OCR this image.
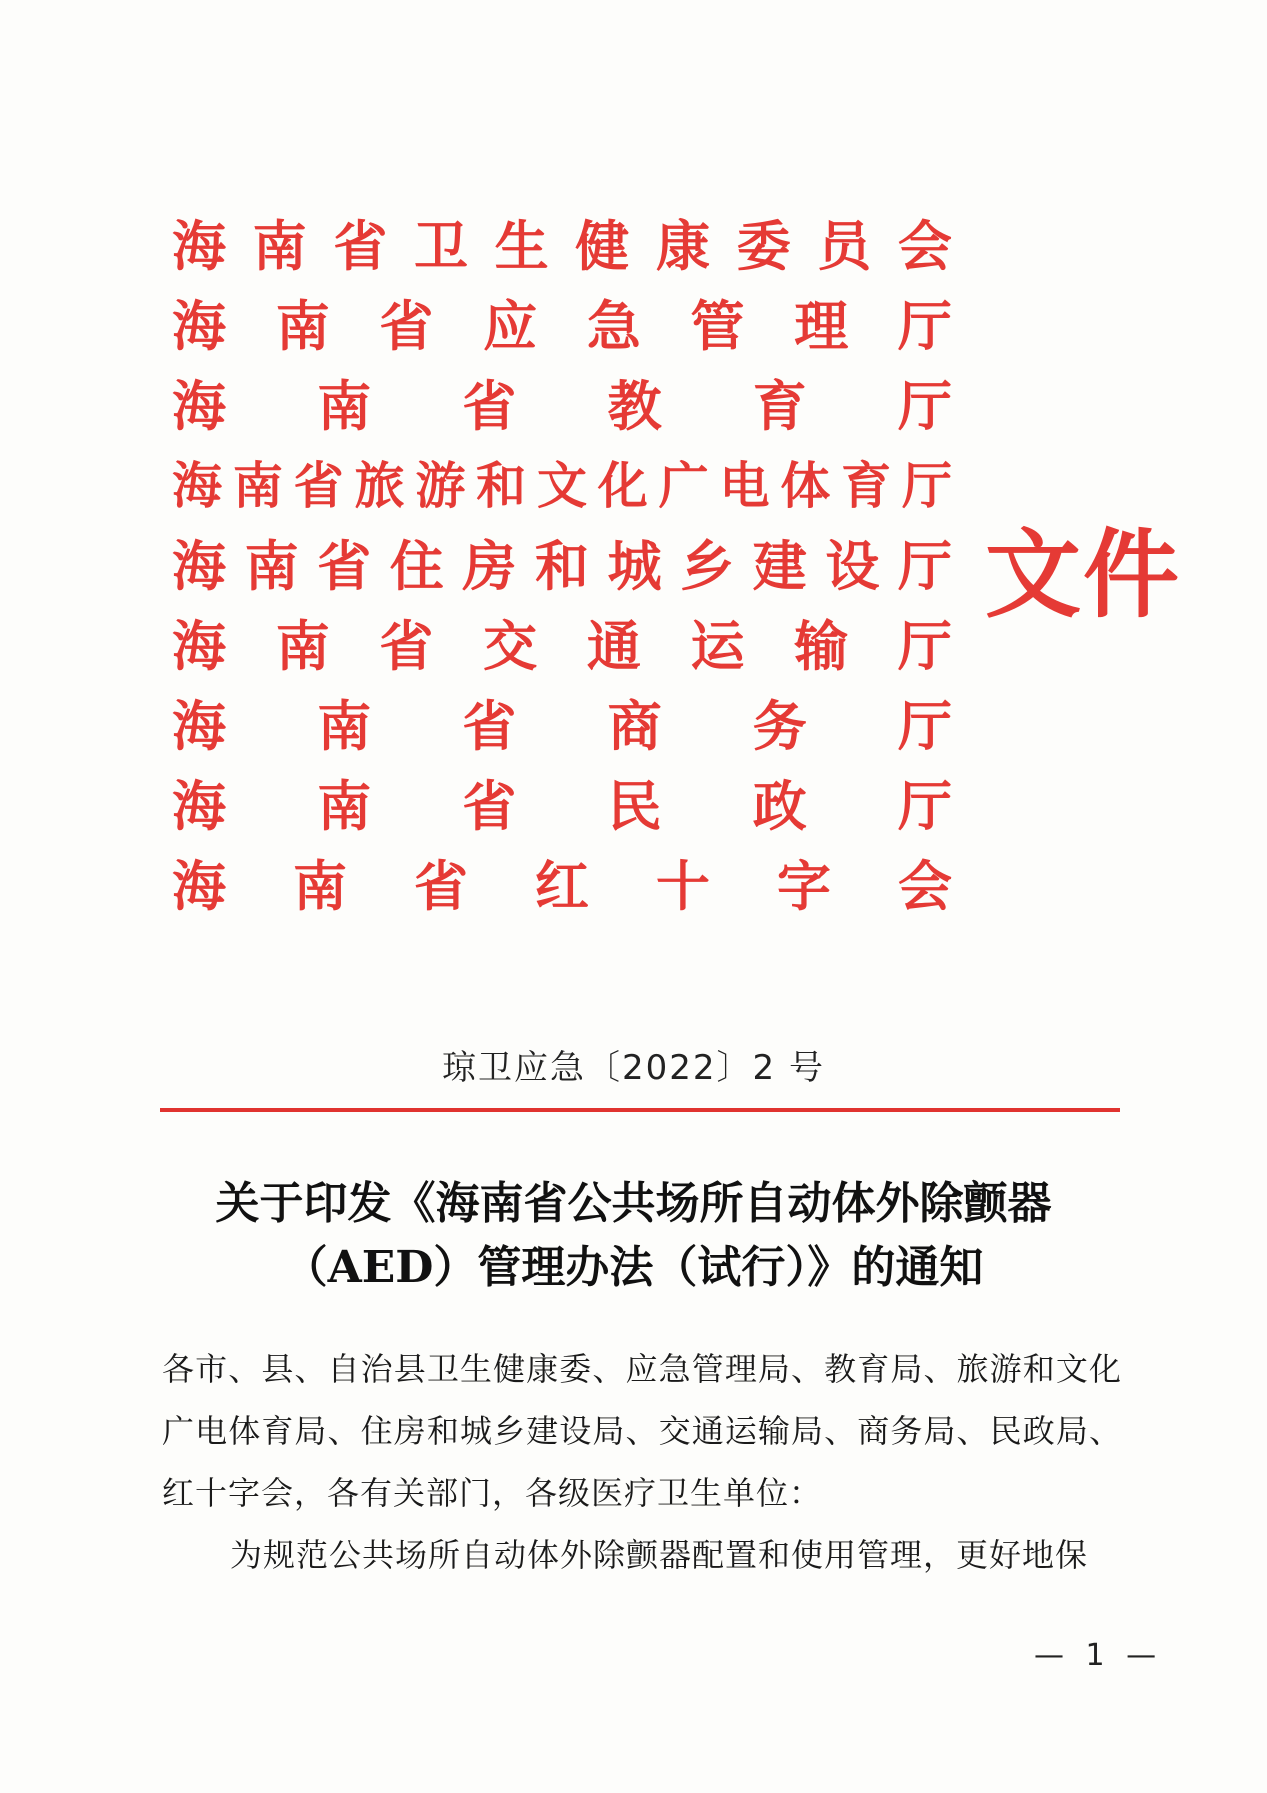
海 南 省 卫 生 健 康 委 员 会
海 南 省 应 急 管 理 厅
海 南 省 教 育 厅
海 南 省 旅 游 和 文 化 广 电 体 育 厅
海 南 省 住 房 和 城 乡 建 设 厅
海 南 省 交 通 运 输 厅
海 南 省 商 务 厅
海 南 省 民 政 厅
海 南 省 红 十 字 会
文件
琼卫应急〔2022〕2 号
关于印发《海南省公共场所自动体外除颤器
（AED）管理办法（试行）》的通知

各市、县、自治县卫生健康委、应急管理局、教育局、旅游和文化广电体育局、住房和城乡建设局、交通运输局、商务局、民政局、红十字会，各有关部门，各级医疗卫生单位：

为规范公共场所自动体外除颤器配置和使用管理，更好地保

— 1 —
